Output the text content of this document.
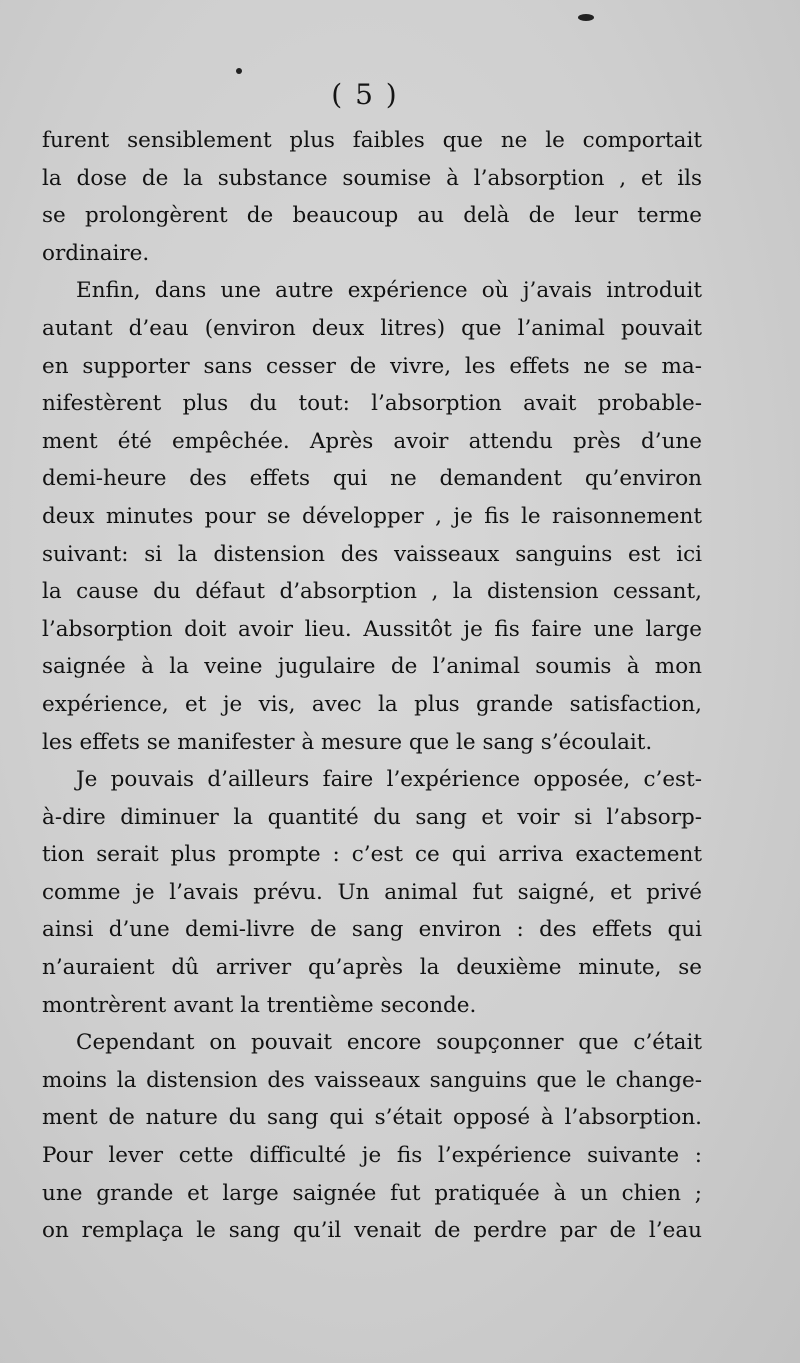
( 5 )
furent sensiblement plus faibles que ne le comportait
la dose de la substance soumise à l’absorption , et ils
se prolongèrent de beaucoup au delà de leur terme
ordinaire.
Enfin, dans une autre expérience où j’avais introduit
autant d’eau (environ deux litres) que l’animal pouvait
en supporter sans cesser de vivre, les effets ne se ma-
nifestèrent plus du tout: l’absorption avait probable-
ment été empêchée. Après avoir attendu près d’une
demi-heure des effets qui ne demandent qu’environ
deux minutes pour se développer , je fis le raisonnement
suivant: si la distension des vaisseaux sanguins est ici
la cause du défaut d’absorption , la distension cessant,
l’absorption doit avoir lieu. Aussitôt je fis faire une large
saignée à la veine jugulaire de l’animal soumis à mon
expérience, et je vis, avec la plus grande satisfaction,
les effets se manifester à mesure que le sang s’écoulait.
Je pouvais d’ailleurs faire l’expérience opposée, c’est-
à-dire diminuer la quantité du sang et voir si l’absorp-
tion serait plus prompte : c’est ce qui arriva exactement
comme je l’avais prévu. Un animal fut saigné, et privé
ainsi d’une demi-livre de sang environ : des effets qui
n’auraient dû arriver qu’après la deuxième minute, se
montrèrent avant la trentième seconde.
Cependant on pouvait encore soupçonner que c’était
moins la distension des vaisseaux sanguins que le change-
ment de nature du sang qui s’était opposé à l’absorption.
Pour lever cette difficulté je fis l’expérience suivante :
une grande et large saignée fut pratiquée à un chien ;
on remplaça le sang qu’il venait de perdre par de l’eau
